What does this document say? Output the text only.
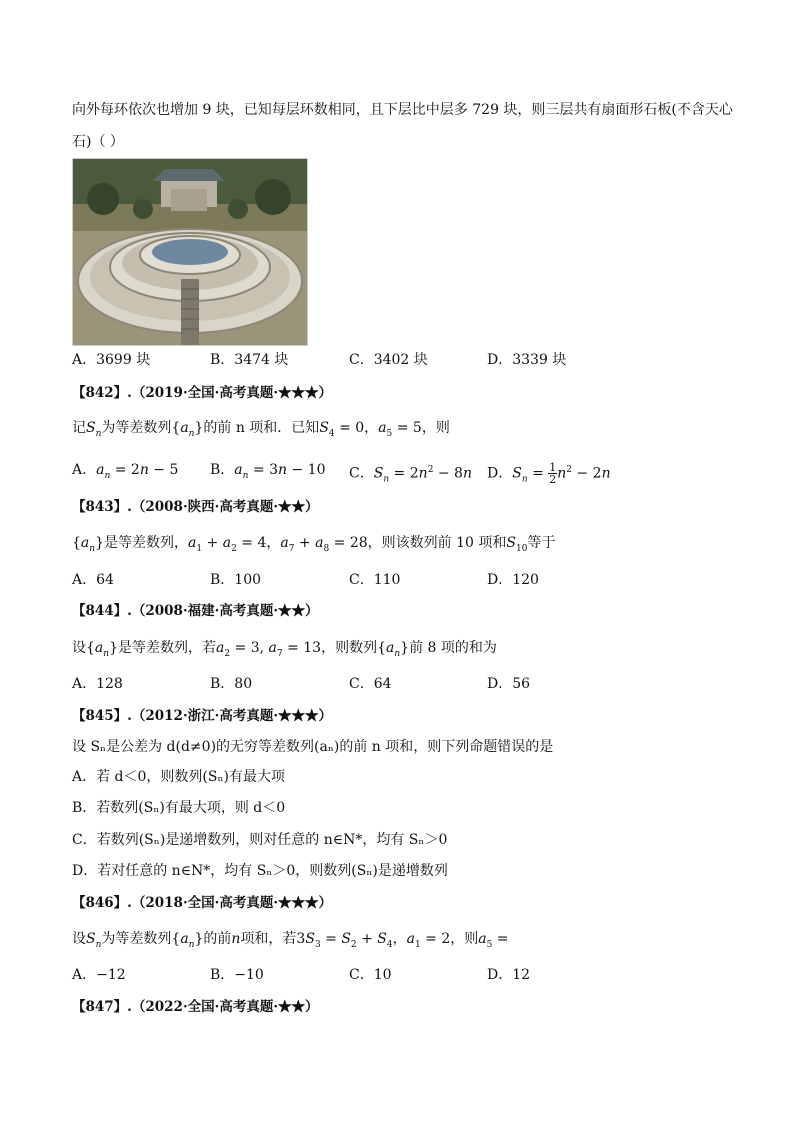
向外每环依次也增加 9 块，已知每层环数相同，且下层比中层多 729 块，则三层共有扇面形石板(不含天心
石)（ ）
A．3699 块	B．3474 块	C．3402 块	D．3339 块
【842】.（2019·全国·高考真题·★★★）
记$S_n$为等差数列$\{a_n\}$的前 n 项和．已知$S_4 = 0$，$a_5 = 5$，则
A．$a_n = 2n - 5$ B．$a_n = 3n - 10$ C．$S_n = 2n^2 - 8n$ D．$S_n = \frac{1}{2} n^2 - 2n$
【843】.（2008·陕西·高考真题·★★）
$\{a_n\}$是等差数列，$a_1 + a_2 = 4$，$a_7 + a_8 = 28$，则该数列前 10 项和$S_{10}$等于
A．64	B．100	C．110	D．120
【844】.（2008·福建·高考真题·★★）
设$\{a_n\}$是等差数列，若$a_2 = 3$, $a_7 = 13$，则数列$\{a_n\}$前 8 项的和为
A．128	B．80	C．64	D．56
【845】.（2012·浙江·高考真题·★★★）
设 Sₙ是公差为 d(d≠0)的无穷等差数列(aₙ)的前 n 项和，则下列命题错误的是
A．若 d＜0，则数列(Sₙ)有最大项
B．若数列(Sₙ)有最大项，则 d＜0
C．若数列(Sₙ)是递增数列，则对任意的 n∈N*，均有 Sₙ＞0
D．若对任意的 n∈N*，均有 Sₙ＞0，则数列(Sₙ)是递增数列
【846】.（2018·全国·高考真题·★★★）
设$S_n$为等差数列$\{a_n\}$的前n项和，若$3S_3 = S_2 + S_4$，$a_1 = 2$，则$a_5$ =
A．−12	B．−10	C．10	D．12
【847】.（2022·全国·高考真题·★★）
